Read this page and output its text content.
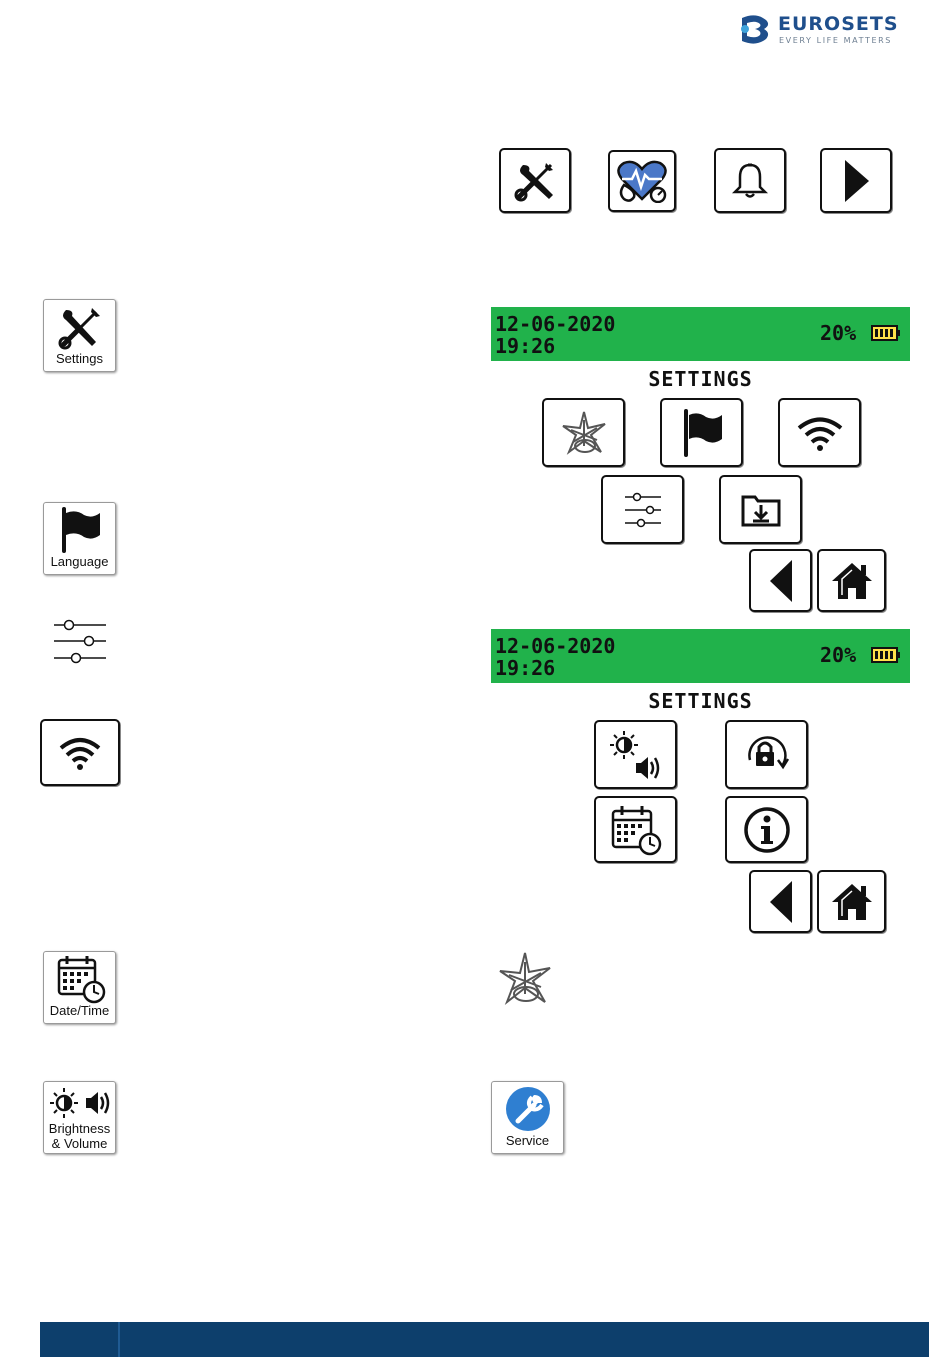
EUROSETS
EVERY LIFE MATTERS
Settings
Language
Date/Time
Brightness
& Volume
12-06-2020
19:26
20%
SETTINGS
12-06-2020
19:26
20%
SETTINGS
Service
